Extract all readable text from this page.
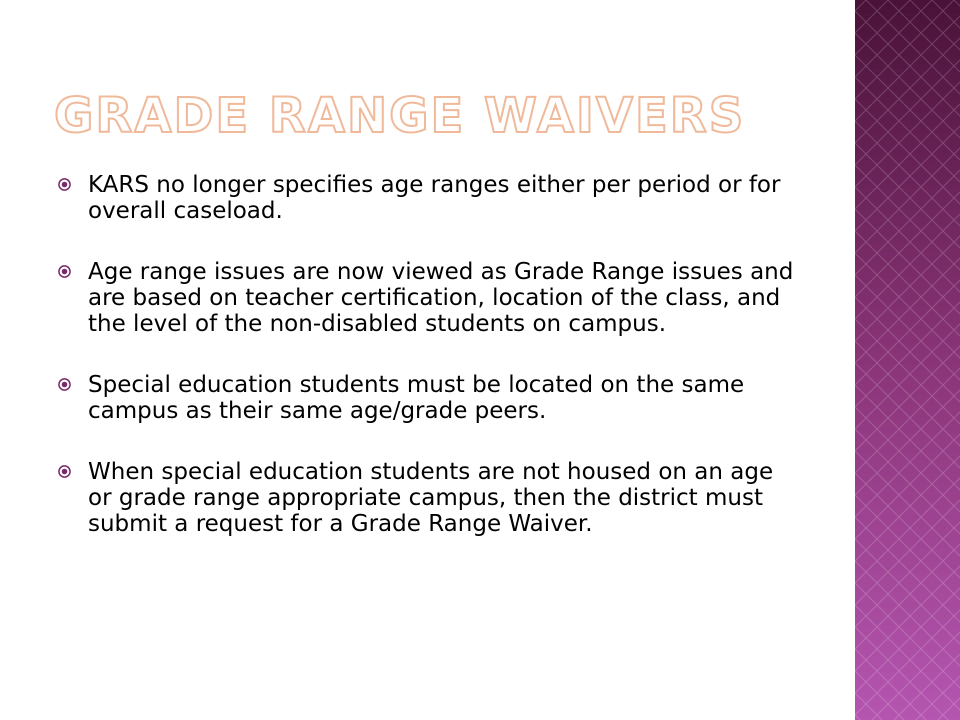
GRADE RANGE WAIVERS
KARS no longer specifies age ranges either per period or for overall caseload.
Age range issues are now viewed as Grade Range issues and are based on teacher certification, location of the class, and the level of the non-disabled students on campus.
Special education students must be located on the same campus as their same age/grade peers.
When special education students are not housed on an age or grade range appropriate campus, then the district must submit a request for a Grade Range Waiver.
